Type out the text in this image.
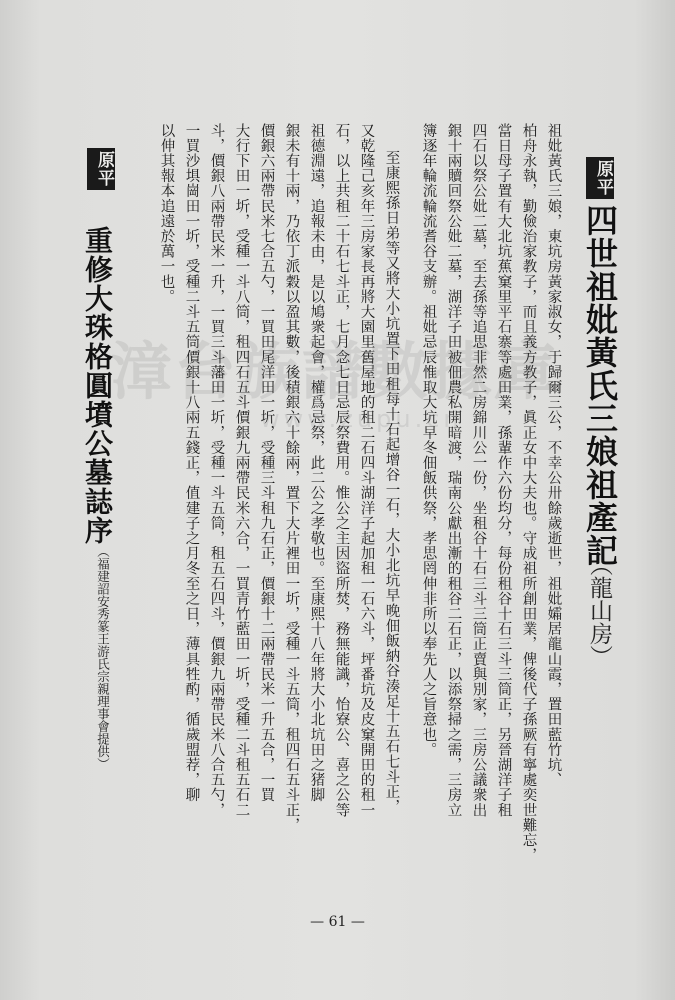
原平
四世祖妣黃氏三娘祖產記
（龍山房）
祖妣黃氏三娘，東坑房黃家淑女，于歸爾三公，不幸公卅餘歲逝世，祖妣孀居龍山霞，置田藍竹坑、
柏舟永執，勤儉治家教子，而且義方教子，眞正女中大夫也。守成祖所創田業，俾後代子孫厥有寧處奕世難忘，
當日母子置有大北坑蕉窠里平石寨等處田業，孫輩作六份均分，每份租谷十石三斗三筒正，另晉湖洋子租
四石以祭公妣二墓，至去孫等追思非然二房錦川公一份，坐租谷十石三斗三筒正賣與別家，三房公議衆出
銀十兩贖回祭公妣二墓，湖洋子田被佃農私開暗渡，瑞南公獻出漸的租谷二石正，以添祭掃之需，三房立
簿逐年輪流輪流耆谷支辦。祖妣忌辰惟取大坑早冬佃飯供祭，孝思罔伸非所以奉先人之旨意也。
至康熙孫日弟等又將大小坑置下田租每十石起增谷一石，大小北坑早晚佃飯納谷湊足十五石七斗正，
又乾隆己亥年三房家長再將大園里舊屋地的租二石四斗湖洋子起加租一石六斗，坪番坑及皮窠開田的租一
石，以上共租二十石七斗正，七月念七日忌辰祭費用。惟公之主因盜所焚，務無能識，怡寮公、喜之公等
祖德淵遠，追報未由，是以鳩衆起會，權爲忌祭，此二公之孝敬也。至康熙十八年將大小北坑田之猪脚
銀未有十兩，乃依丁派穀以盈其數，後積銀六十餘兩，置下大片裡田一圻，受種一斗五筒，租四石五斗正，
價銀六兩帶民米七合五勺，一買田尾洋田一圻，受種三斗租九石正，價銀十二兩帶民米一升五合，一買
大行下田一圻，受種一斗八筒，租四石五斗價銀九兩帶民米六合，一買青竹藍田一圻，受種二斗租五石二
斗，價銀八兩帶民米一升，一買三斗藩田一圻，受種一斗五筒，租五石四斗，價銀九兩帶民米八合五勺，
一買沙埧崗田一圻，受種二斗五筒價銀十八兩五錢正，值建子之月冬至之日，薄具牲酌，循歲盟荐，聊
以伸其報本追遠於萬一也。
原平
重修大珠格圓墳公墓誌序
（福建詔安秀篆王游氏宗親理事會提供）
漳台族譜數據庫
www.zupu.cn
— 61 —
